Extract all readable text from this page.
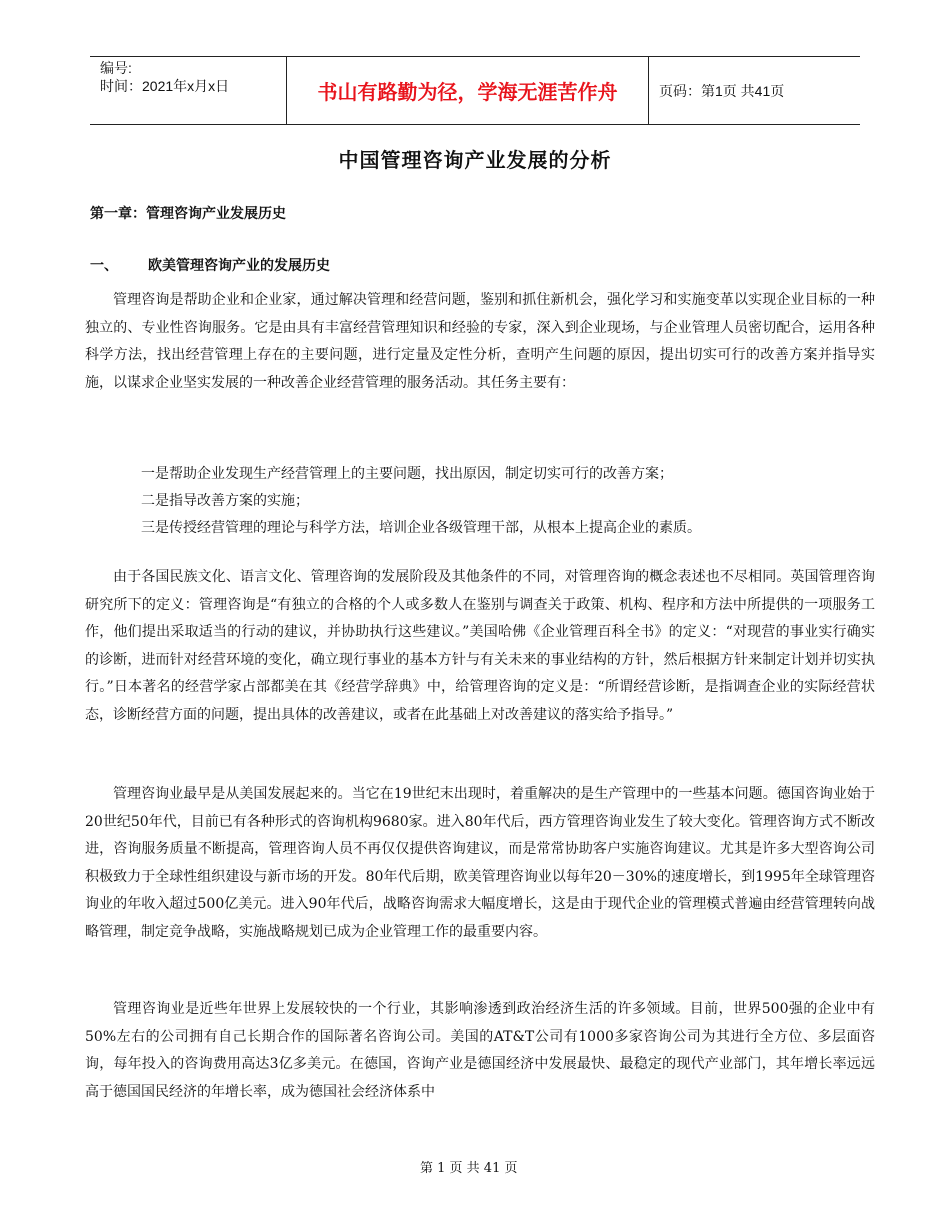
编号:
时间：2021年x月x日	书山有路勤为径，学海无涯苦作舟	页码：第1页 共41页
中国管理咨询产业发展的分析
第一章：管理咨询产业发展历史
一、 欧美管理咨询产业的发展历史

管理咨询是帮助企业和企业家，通过解决管理和经营问题，鉴别和抓住新机会，强化学习和实施变革以实现企业目标的一种独立的、专业性咨询服务。它是由具有丰富经营管理知识和经验的专家，深入到企业现场，与企业管理人员密切配合，运用各种科学方法，找出经营管理上存在的主要问题，进行定量及定性分析，查明产生问题的原因，提出切实可行的改善方案并指导实施，以谋求企业坚实发展的一种改善企业经营管理的服务活动。其任务主要有：

一是帮助企业发现生产经营管理上的主要问题，找出原因，制定切实可行的改善方案；

二是指导改善方案的实施；

三是传授经营管理的理论与科学方法，培训企业各级管理干部，从根本上提高企业的素质。

由于各国民族文化、语言文化、管理咨询的发展阶段及其他条件的不同，对管理咨询的概念表述也不尽相同。英国管理咨询研究所下的定义：管理咨询是“有独立的合格的个人或多数人在鉴别与调查关于政策、机构、程序和方法中所提供的一项服务工作，他们提出采取适当的行动的建议，并协助执行这些建议。”美国哈佛《企业管理百科全书》的定义：“对现营的事业实行确实的诊断，进而针对经营环境的变化，确立现行事业的基本方针与有关未来的事业结构的方针，然后根据方针来制定计划并切实执行。”日本著名的经营学家占部都美在其《经营学辞典》中，给管理咨询的定义是：“所谓经营诊断，是指调查企业的实际经营状态，诊断经营方面的问题，提出具体的改善建议，或者在此基础上对改善建议的落实给予指导。”

管理咨询业最早是从美国发展起来的。当它在19世纪末出现时，着重解决的是生产管理中的一些基本问题。德国咨询业始于20世纪50年代，目前已有各种形式的咨询机构9680家。进入80年代后，西方管理咨询业发生了较大变化。管理咨询方式不断改进，咨询服务质量不断提高，管理咨询人员不再仅仅提供咨询建议，而是常常协助客户实施咨询建议。尤其是许多大型咨询公司积极致力于全球性组织建设与新市场的开发。80年代后期，欧美管理咨询业以每年20－30%的速度增长，到1995年全球管理咨询业的年收入超过500亿美元。进入90年代后，战略咨询需求大幅度增长，这是由于现代企业的管理模式普遍由经营管理转向战略管理，制定竞争战略，实施战略规划已成为企业管理工作的最重要内容。

管理咨询业是近些年世界上发展较快的一个行业，其影响渗透到政治经济生活的许多领域。目前，世界500强的企业中有50%左右的公司拥有自己长期合作的国际著名咨询公司。美国的AT&T公司有1000多家咨询公司为其进行全方位、多层面咨询，每年投入的咨询费用高达3亿多美元。在德国，咨询产业是德国经济中发展最快、最稳定的现代产业部门，其年增长率远远高于德国国民经济的年增长率，成为德国社会经济体系中

第 1 页 共 41 页
